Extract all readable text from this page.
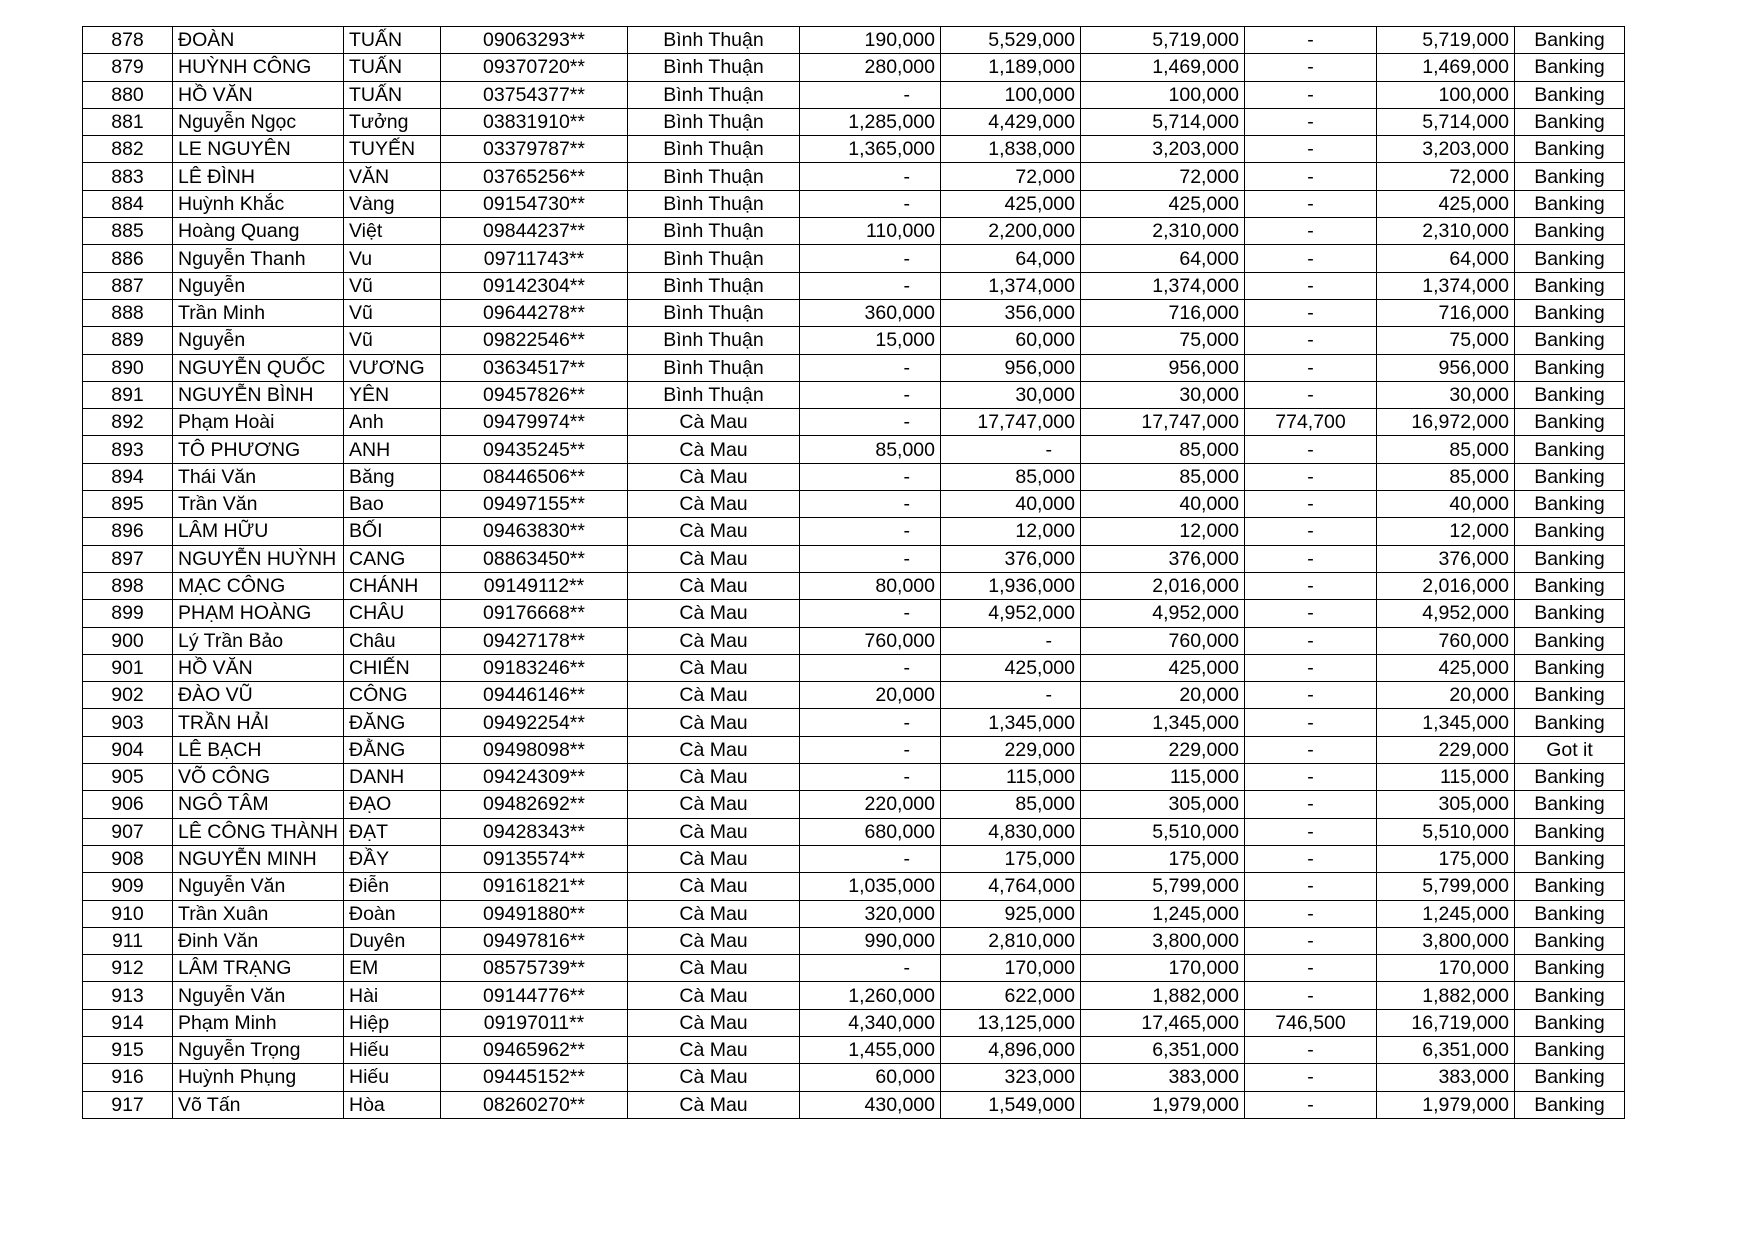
878	ĐOÀN	TUẤN	09063293**	Bình Thuận	190,000	5,529,000	5,719,000	-	5,719,000	Banking
879	HUỲNH CÔNG	TUẤN	09370720**	Bình Thuận	280,000	1,189,000	1,469,000	-	1,469,000	Banking
880	HỒ VĂN	TUẤN	03754377**	Bình Thuận	-	100,000	100,000	-	100,000	Banking
881	Nguyễn Ngọc	Tưởng	03831910**	Bình Thuận	1,285,000	4,429,000	5,714,000	-	5,714,000	Banking
882	LE NGUYÊN	TUYẾN	03379787**	Bình Thuận	1,365,000	1,838,000	3,203,000	-	3,203,000	Banking
883	LÊ ĐÌNH	VĂN	03765256**	Bình Thuận	-	72,000	72,000	-	72,000	Banking
884	Huỳnh Khắc	Vàng	09154730**	Bình Thuận	-	425,000	425,000	-	425,000	Banking
885	Hoàng Quang	Việt	09844237**	Bình Thuận	110,000	2,200,000	2,310,000	-	2,310,000	Banking
886	Nguyễn Thanh	Vu	09711743**	Bình Thuận	-	64,000	64,000	-	64,000	Banking
887	Nguyễn	Vũ	09142304**	Bình Thuận	-	1,374,000	1,374,000	-	1,374,000	Banking
888	Trần Minh	Vũ	09644278**	Bình Thuận	360,000	356,000	716,000	-	716,000	Banking
889	Nguyễn	Vũ	09822546**	Bình Thuận	15,000	60,000	75,000	-	75,000	Banking
890	NGUYỄN QUỐC	VƯƠNG	03634517**	Bình Thuận	-	956,000	956,000	-	956,000	Banking
891	NGUYỄN BÌNH	YÊN	09457826**	Bình Thuận	-	30,000	30,000	-	30,000	Banking
892	Phạm Hoài	Anh	09479974**	Cà Mau	-	17,747,000	17,747,000	774,700	16,972,000	Banking
893	TÔ PHƯƠNG	ANH	09435245**	Cà Mau	85,000	-	85,000	-	85,000	Banking
894	Thái Văn	Băng	08446506**	Cà Mau	-	85,000	85,000	-	85,000	Banking
895	Trần Văn	Bao	09497155**	Cà Mau	-	40,000	40,000	-	40,000	Banking
896	LÂM HỮU	BỐI	09463830**	Cà Mau	-	12,000	12,000	-	12,000	Banking
897	NGUYỄN HUỲNH	CANG	08863450**	Cà Mau	-	376,000	376,000	-	376,000	Banking
898	MẠC CÔNG	CHÁNH	09149112**	Cà Mau	80,000	1,936,000	2,016,000	-	2,016,000	Banking
899	PHẠM HOÀNG	CHÂU	09176668**	Cà Mau	-	4,952,000	4,952,000	-	4,952,000	Banking
900	Lý Trần Bảo	Châu	09427178**	Cà Mau	760,000	-	760,000	-	760,000	Banking
901	HỒ VĂN	CHIẾN	09183246**	Cà Mau	-	425,000	425,000	-	425,000	Banking
902	ĐÀO VŨ	CÔNG	09446146**	Cà Mau	20,000	-	20,000	-	20,000	Banking
903	TRẦN HẢI	ĐĂNG	09492254**	Cà Mau	-	1,345,000	1,345,000	-	1,345,000	Banking
904	LÊ BẠCH	ĐẰNG	09498098**	Cà Mau	-	229,000	229,000	-	229,000	Got it
905	VÕ CÔNG	DANH	09424309**	Cà Mau	-	115,000	115,000	-	115,000	Banking
906	NGÔ TÂM	ĐẠO	09482692**	Cà Mau	220,000	85,000	305,000	-	305,000	Banking
907	LÊ CÔNG THÀNH	ĐẠT	09428343**	Cà Mau	680,000	4,830,000	5,510,000	-	5,510,000	Banking
908	NGUYỄN MINH	ĐẦY	09135574**	Cà Mau	-	175,000	175,000	-	175,000	Banking
909	Nguyễn Văn	Điễn	09161821**	Cà Mau	1,035,000	4,764,000	5,799,000	-	5,799,000	Banking
910	Trần Xuân	Đoàn	09491880**	Cà Mau	320,000	925,000	1,245,000	-	1,245,000	Banking
911	Đinh Văn	Duyên	09497816**	Cà Mau	990,000	2,810,000	3,800,000	-	3,800,000	Banking
912	LÂM TRẠNG	EM	08575739**	Cà Mau	-	170,000	170,000	-	170,000	Banking
913	Nguyễn Văn	Hài	09144776**	Cà Mau	1,260,000	622,000	1,882,000	-	1,882,000	Banking
914	Phạm Minh	Hiệp	09197011**	Cà Mau	4,340,000	13,125,000	17,465,000	746,500	16,719,000	Banking
915	Nguyễn Trọng	Hiếu	09465962**	Cà Mau	1,455,000	4,896,000	6,351,000	-	6,351,000	Banking
916	Huỳnh Phụng	Hiếu	09445152**	Cà Mau	60,000	323,000	383,000	-	383,000	Banking
917	Võ Tấn	Hòa	08260270**	Cà Mau	430,000	1,549,000	1,979,000	-	1,979,000	Banking
